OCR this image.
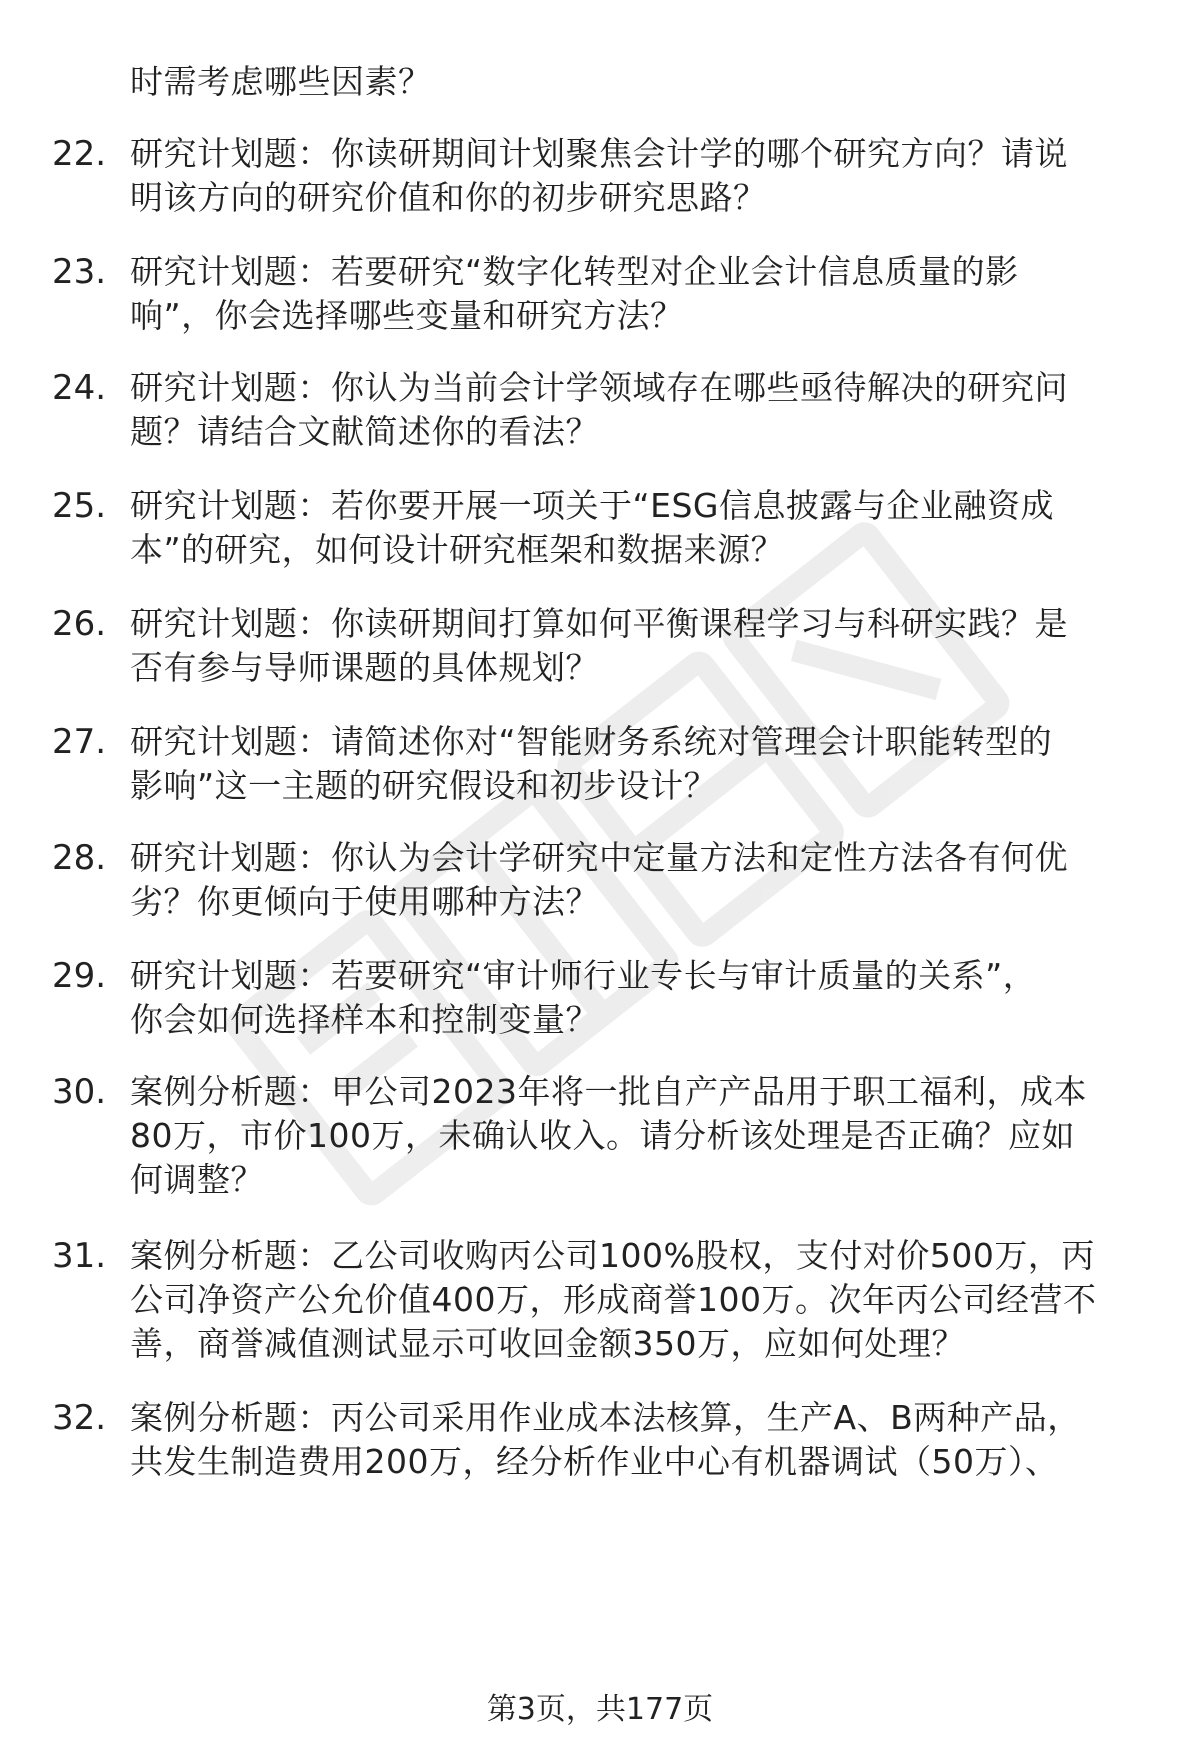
时需考虑哪些因素？
22. 研究计划题：你读研期间计划聚焦会计学的哪个研究方向？请说
明该方向的研究价值和你的初步研究思路？
23. 研究计划题：若要研究“数字化转型对企业会计信息质量的影
响”，你会选择哪些变量和研究方法？
24. 研究计划题：你认为当前会计学领域存在哪些亟待解决的研究问
题？请结合文献简述你的看法？
25. 研究计划题：若你要开展一项关于“ESG信息披露与企业融资成
本”的研究，如何设计研究框架和数据来源？
26. 研究计划题：你读研期间打算如何平衡课程学习与科研实践？是
否有参与导师课题的具体规划？
27. 研究计划题：请简述你对“智能财务系统对管理会计职能转型的
影响”这一主题的研究假设和初步设计？
28. 研究计划题：你认为会计学研究中定量方法和定性方法各有何优
劣？你更倾向于使用哪种方法？
29. 研究计划题：若要研究“审计师行业专长与审计质量的关系”，
你会如何选择样本和控制变量？
30. 案例分析题：甲公司2023年将一批自产产品用于职工福利，成本
80万，市价100万，未确认收入。请分析该处理是否正确？应如
何调整？
31. 案例分析题：乙公司收购丙公司100%股权，支付对价500万，丙
公司净资产公允价值400万，形成商誉100万。次年丙公司经营不
善，商誉减值测试显示可收回金额350万，应如何处理？
32. 案例分析题：丙公司采用作业成本法核算，生产A、B两种产品，
共发生制造费用200万，经分析作业中心有机器调试（50万）、
第3页，共177页
